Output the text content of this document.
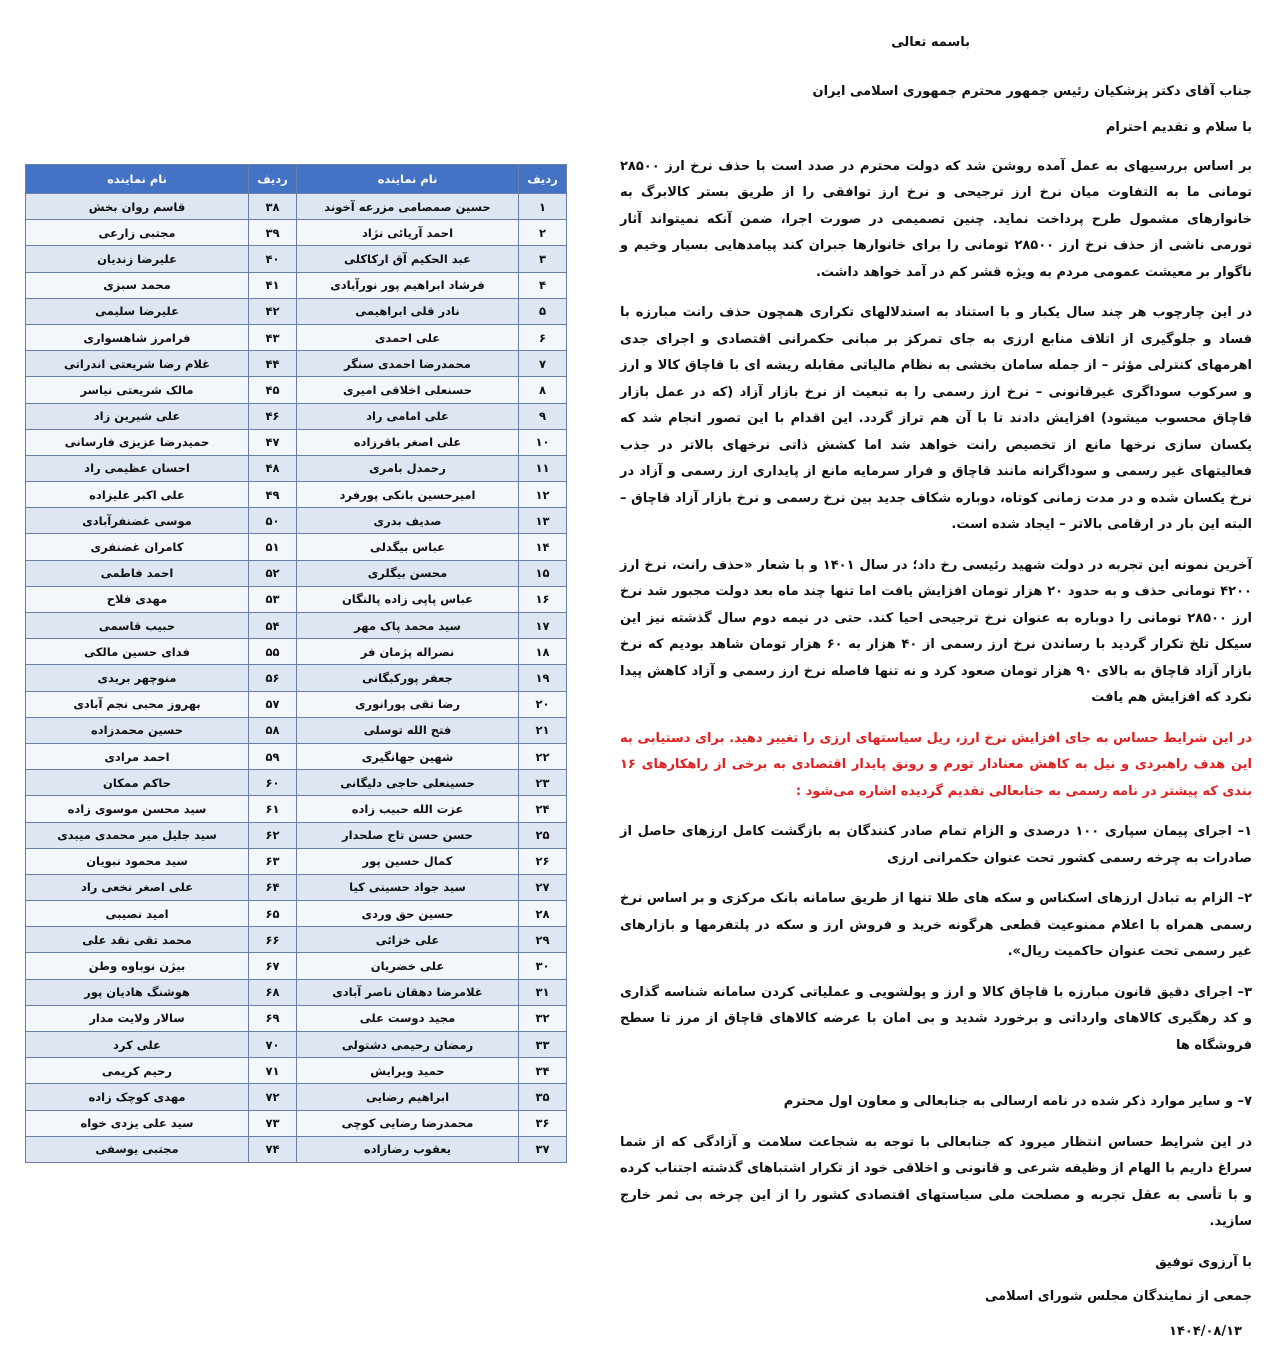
باسمه تعالی

جناب آقای دکتر پزشکیان رئیس جمهور محترم جمهوری اسلامی ایران

با سلام و تقدیم احترام

بر اساس بررسیهای به عمل آمده روشن شد که دولت محترم در صدد است با حذف نرخ ارز ۲۸۵۰۰ تومانی ما به التفاوت میان نرخ ارز ترجیحی و نرخ ارز توافقی را از طریق بستر کالابرگ به خانوارهای مشمول طرح پرداخت نماید. چنین تصمیمی در صورت اجرا، ضمن آنکه نمیتواند آثار تورمی ناشی از حذف نرخ ارز ۲۸۵۰۰ تومانی را برای خانوارها جبران کند پیامدهایی بسیار وخیم و ناگوار بر معیشت عمومی مردم به ویژه قشر کم در آمد خواهد داشت.

در این چارچوب هر چند سال یکبار و با استناد به استدلالهای تکراری همچون حذف رانت مبارزه با فساد و جلوگیری از اتلاف منابع ارزی به جای تمرکز بر مبانی حکمرانی اقتصادی و اجرای جدی اهرمهای کنترلی مؤثر – از جمله سامان بخشی به نظام مالیاتی مقابله ریشه ای با قاچاق کالا و ارز و سرکوب سوداگری غیرقانونی – نرخ ارز رسمی را به تبعیت از نرخ بازار آزاد (که در عمل بازار قاچاق محسوب میشود) افزایش دادند تا با آن هم تراز گردد. این اقدام با این تصور انجام شد که یکسان سازی نرخها مانع از تخصیص رانت خواهد شد اما کشش ذاتی نرخهای بالاتر در جذب فعالیتهای غیر رسمی و سوداگرانه مانند قاچاق و فرار سرمایه مانع از پایداری ارز رسمی و آزاد در نرخ یکسان شده و در مدت زمانی کوتاه، دوباره شکاف جدید بین نرخ رسمی و نرخ بازار آزاد قاچاق – البته این بار در ارقامی بالاتر – ایجاد شده است.

آخرین نمونه این تجربه در دولت شهید رئیسی رخ داد؛ در سال ۱۴۰۱ و با شعار «حذف رانت، نرخ ارز ۴۲۰۰ تومانی حذف و به حدود ۲۰ هزار تومان افزایش یافت اما تنها چند ماه بعد دولت مجبور شد نرخ ارز ۲۸۵۰۰ تومانی را دوباره به عنوان نرخ ترجیحی احیا کند. حتی در نیمه دوم سال گذشته نیز این سیکل تلخ تکرار گردید با رساندن نرخ ارز رسمی از ۴۰ هزار به ۶۰ هزار تومان شاهد بودیم که نرخ بازار آزاد قاچاق به بالای ۹۰ هزار تومان صعود کرد و نه تنها فاصله نرخ ارز رسمی و آزاد کاهش پیدا نکرد که افزایش هم یافت

در این شرایط حساس به جای افزایش نرخ ارز، ریل سیاستهای ارزی را تغییر دهید. برای دستیابی به این هدف راهبردی و نیل به کاهش معنادار تورم و رونق پایدار اقتصادی به برخی از راهکارهای ۱۶ بندی که پیشتر در نامه رسمی به جنابعالی تقدیم گردیده اشاره می‌شود :

۱– اجرای پیمان سپاری ۱۰۰ درصدی و الزام تمام صادر کنندگان به بازگشت کامل ارزهای حاصل از صادرات به چرخه رسمی کشور تحت عنوان حکمرانی ارزی

۲– الزام به تبادل ارزهای اسکناس و سکه های طلا تنها از طریق سامانه بانک مرکزی و بر اساس نرخ رسمی همراه با اعلام ممنوعیت قطعی هرگونه خرید و فروش ارز و سکه در پلتفرمها و بازارهای غیر رسمی تحت عنوان حاکمیت ریال».

۳– اجرای دقیق قانون مبارزه با قاچاق کالا و ارز و پولشویی و عملیاتی کردن سامانه شناسه گذاری و کد رهگیری کالاهای وارداتی و برخورد شدید و بی امان با عرضه کالاهای قاچاق از مرز تا سطح فروشگاه ها

۷– و سایر موارد ذکر شده در نامه ارسالی به جنابعالی و معاون اول محترم

در این شرایط حساس انتظار میرود که جنابعالی با توجه به شجاعت سلامت و آزادگی که از شما سراغ داریم با الهام از وظیفه شرعی و قانونی و اخلاقی خود از تکرار اشتباهای گذشته اجتناب کرده و با تأسی به عقل تجربه و مصلحت ملی سیاستهای اقتصادی کشور را از این چرخه بی ثمر خارج سازید.

با آرزوی توفیق

جمعی از نمایندگان مجلس شورای اسلامی

۱۴۰۴/۰۸/۱۳

ردیف	نام نماینده	ردیف	نام نماینده
۱	حسین صمصامی مزرعه آخوند	۳۸	قاسم روان بخش
۲	احمد آریائی نژاد	۳۹	مجتبی زارعی
۳	عبد الحکیم آق ارکاکلی	۴۰	علیرضا زندیان
۴	فرشاد ابراهیم پور نورآبادی	۴۱	محمد سبزی
۵	نادر قلی ابراهیمی	۴۲	علیرضا سلیمی
۶	علی احمدی	۴۳	فرامرز شاهسواری
۷	محمدرضا احمدی سنگر	۴۴	غلام رضا شریعتی اندراتی
۸	حسنعلی اخلاقی امیری	۴۵	مالک شریعتی نیاسر
۹	علی امامی راد	۴۶	علی شیرین زاد
۱۰	علی اصغر باقرزاده	۴۷	حمیدرضا عزیزی فارسانی
۱۱	رحمدل بامری	۴۸	احسان عظیمی راد
۱۲	امیرحسین بانکی پورفرد	۴۹	علی اکبر علیزاده
۱۳	صدیف بدری	۵۰	موسی غضنفرآبادی
۱۴	عباس بیگدلی	۵۱	کامران غضنفری
۱۵	محسن بیگلری	۵۲	احمد فاطمی
۱۶	عباس پاپی زاده پالنگان	۵۳	مهدی فلاح
۱۷	سید محمد پاک مهر	۵۴	حبیب قاسمی
۱۸	نصراله پژمان فر	۵۵	فدای حسین مالکی
۱۹	جعفر پورکبگانی	۵۶	منوچهر بریدی
۲۰	رضا تقی پورانوری	۵۷	بهروز محبی نجم آبادی
۲۱	فتح الله توسلی	۵۸	حسین محمدزاده
۲۲	شهین جهانگیری	۵۹	احمد مرادی
۲۳	حسینعلی حاجی دلیگانی	۶۰	حاکم ممکان
۲۴	عزت الله حبیب زاده	۶۱	سید محسن موسوی زاده
۲۵	حسن حسن تاج صلحدار	۶۲	سید جلیل میر محمدی میبدی
۲۶	کمال حسین پور	۶۳	سید محمود نبویان
۲۷	سید جواد حسینی کیا	۶۴	علی اصغر نخعی راد
۲۸	حسین حق وردی	۶۵	امید نصیبی
۲۹	علی خزائی	۶۶	محمد تقی نقد علی
۳۰	علی خضریان	۶۷	بیژن نوباوه وطن
۳۱	غلامرضا دهقان ناصر آبادی	۶۸	هوشنگ هادیان پور
۳۲	مجید دوست علی	۶۹	سالار ولایت مدار
۳۳	رمضان رحیمی دشتولی	۷۰	علی کرد
۳۴	حمید ویرایش	۷۱	رحیم کریمی
۳۵	ابراهیم رضایی	۷۲	مهدی کوچک زاده
۳۶	محمدرضا رضایی کوچی	۷۳	سید علی یزدی خواه
۳۷	یعقوب رضازاده	۷۴	مجتبی یوسفی
